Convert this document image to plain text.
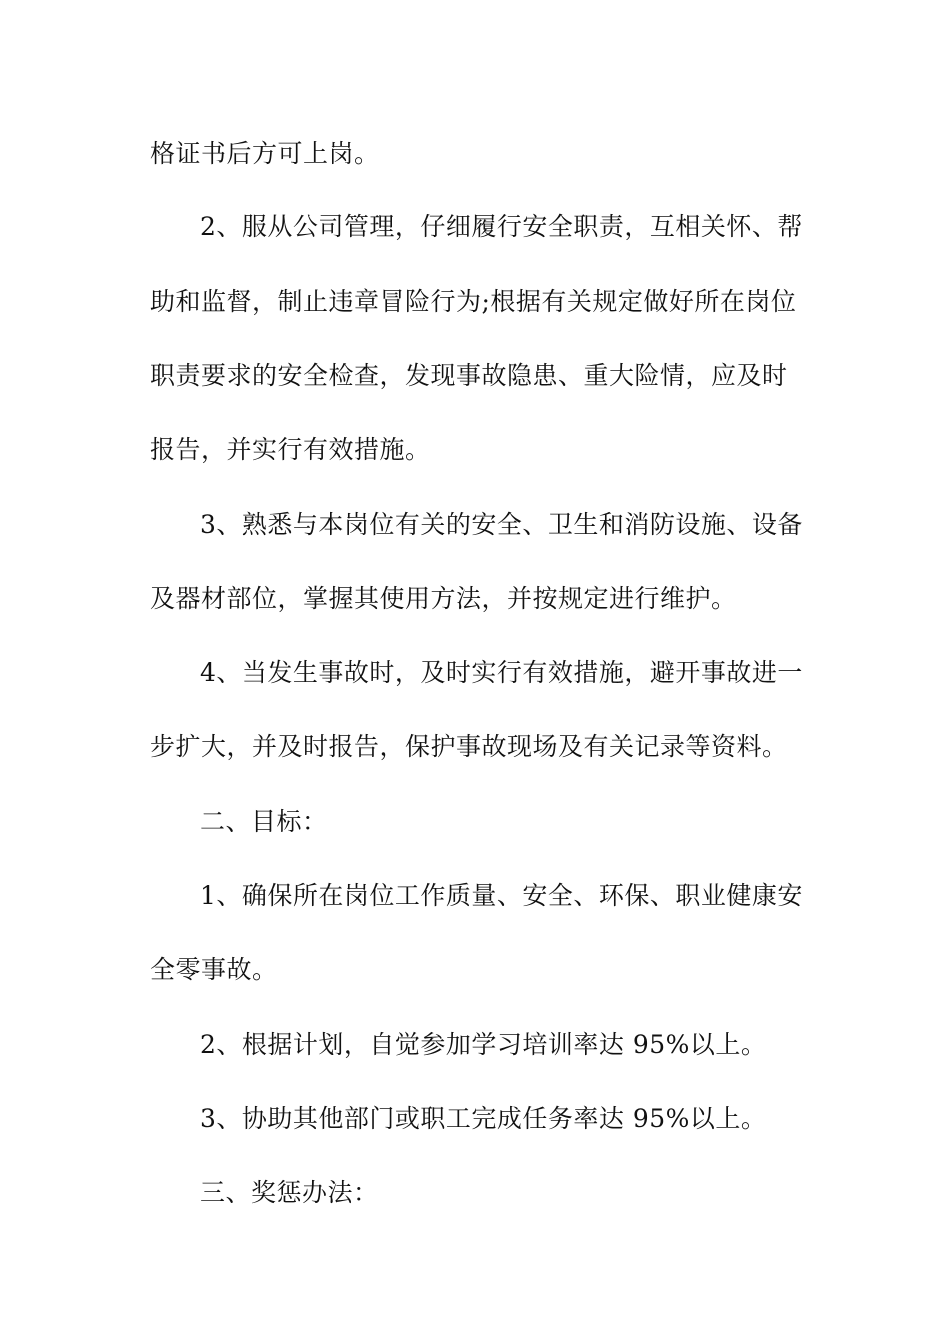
格证书后方可上岗。
2、服从公司管理，仔细履行安全职责，互相关怀、帮
助和监督，制止违章冒险行为;根据有关规定做好所在岗位
职责要求的安全检查，发现事故隐患、重大险情，应及时
报告，并实行有效措施。
3、熟悉与本岗位有关的安全、卫生和消防设施、设备
及器材部位，掌握其使用方法，并按规定进行维护。
4、当发生事故时，及时实行有效措施，避开事故进一
步扩大，并及时报告，保护事故现场及有关记录等资料。
二、目标：
1、确保所在岗位工作质量、安全、环保、职业健康安
全零事故。
2、根据计划，自觉参加学习培训率达 95%以上。
3、协助其他部门或职工完成任务率达 95%以上。
三、奖惩办法：
